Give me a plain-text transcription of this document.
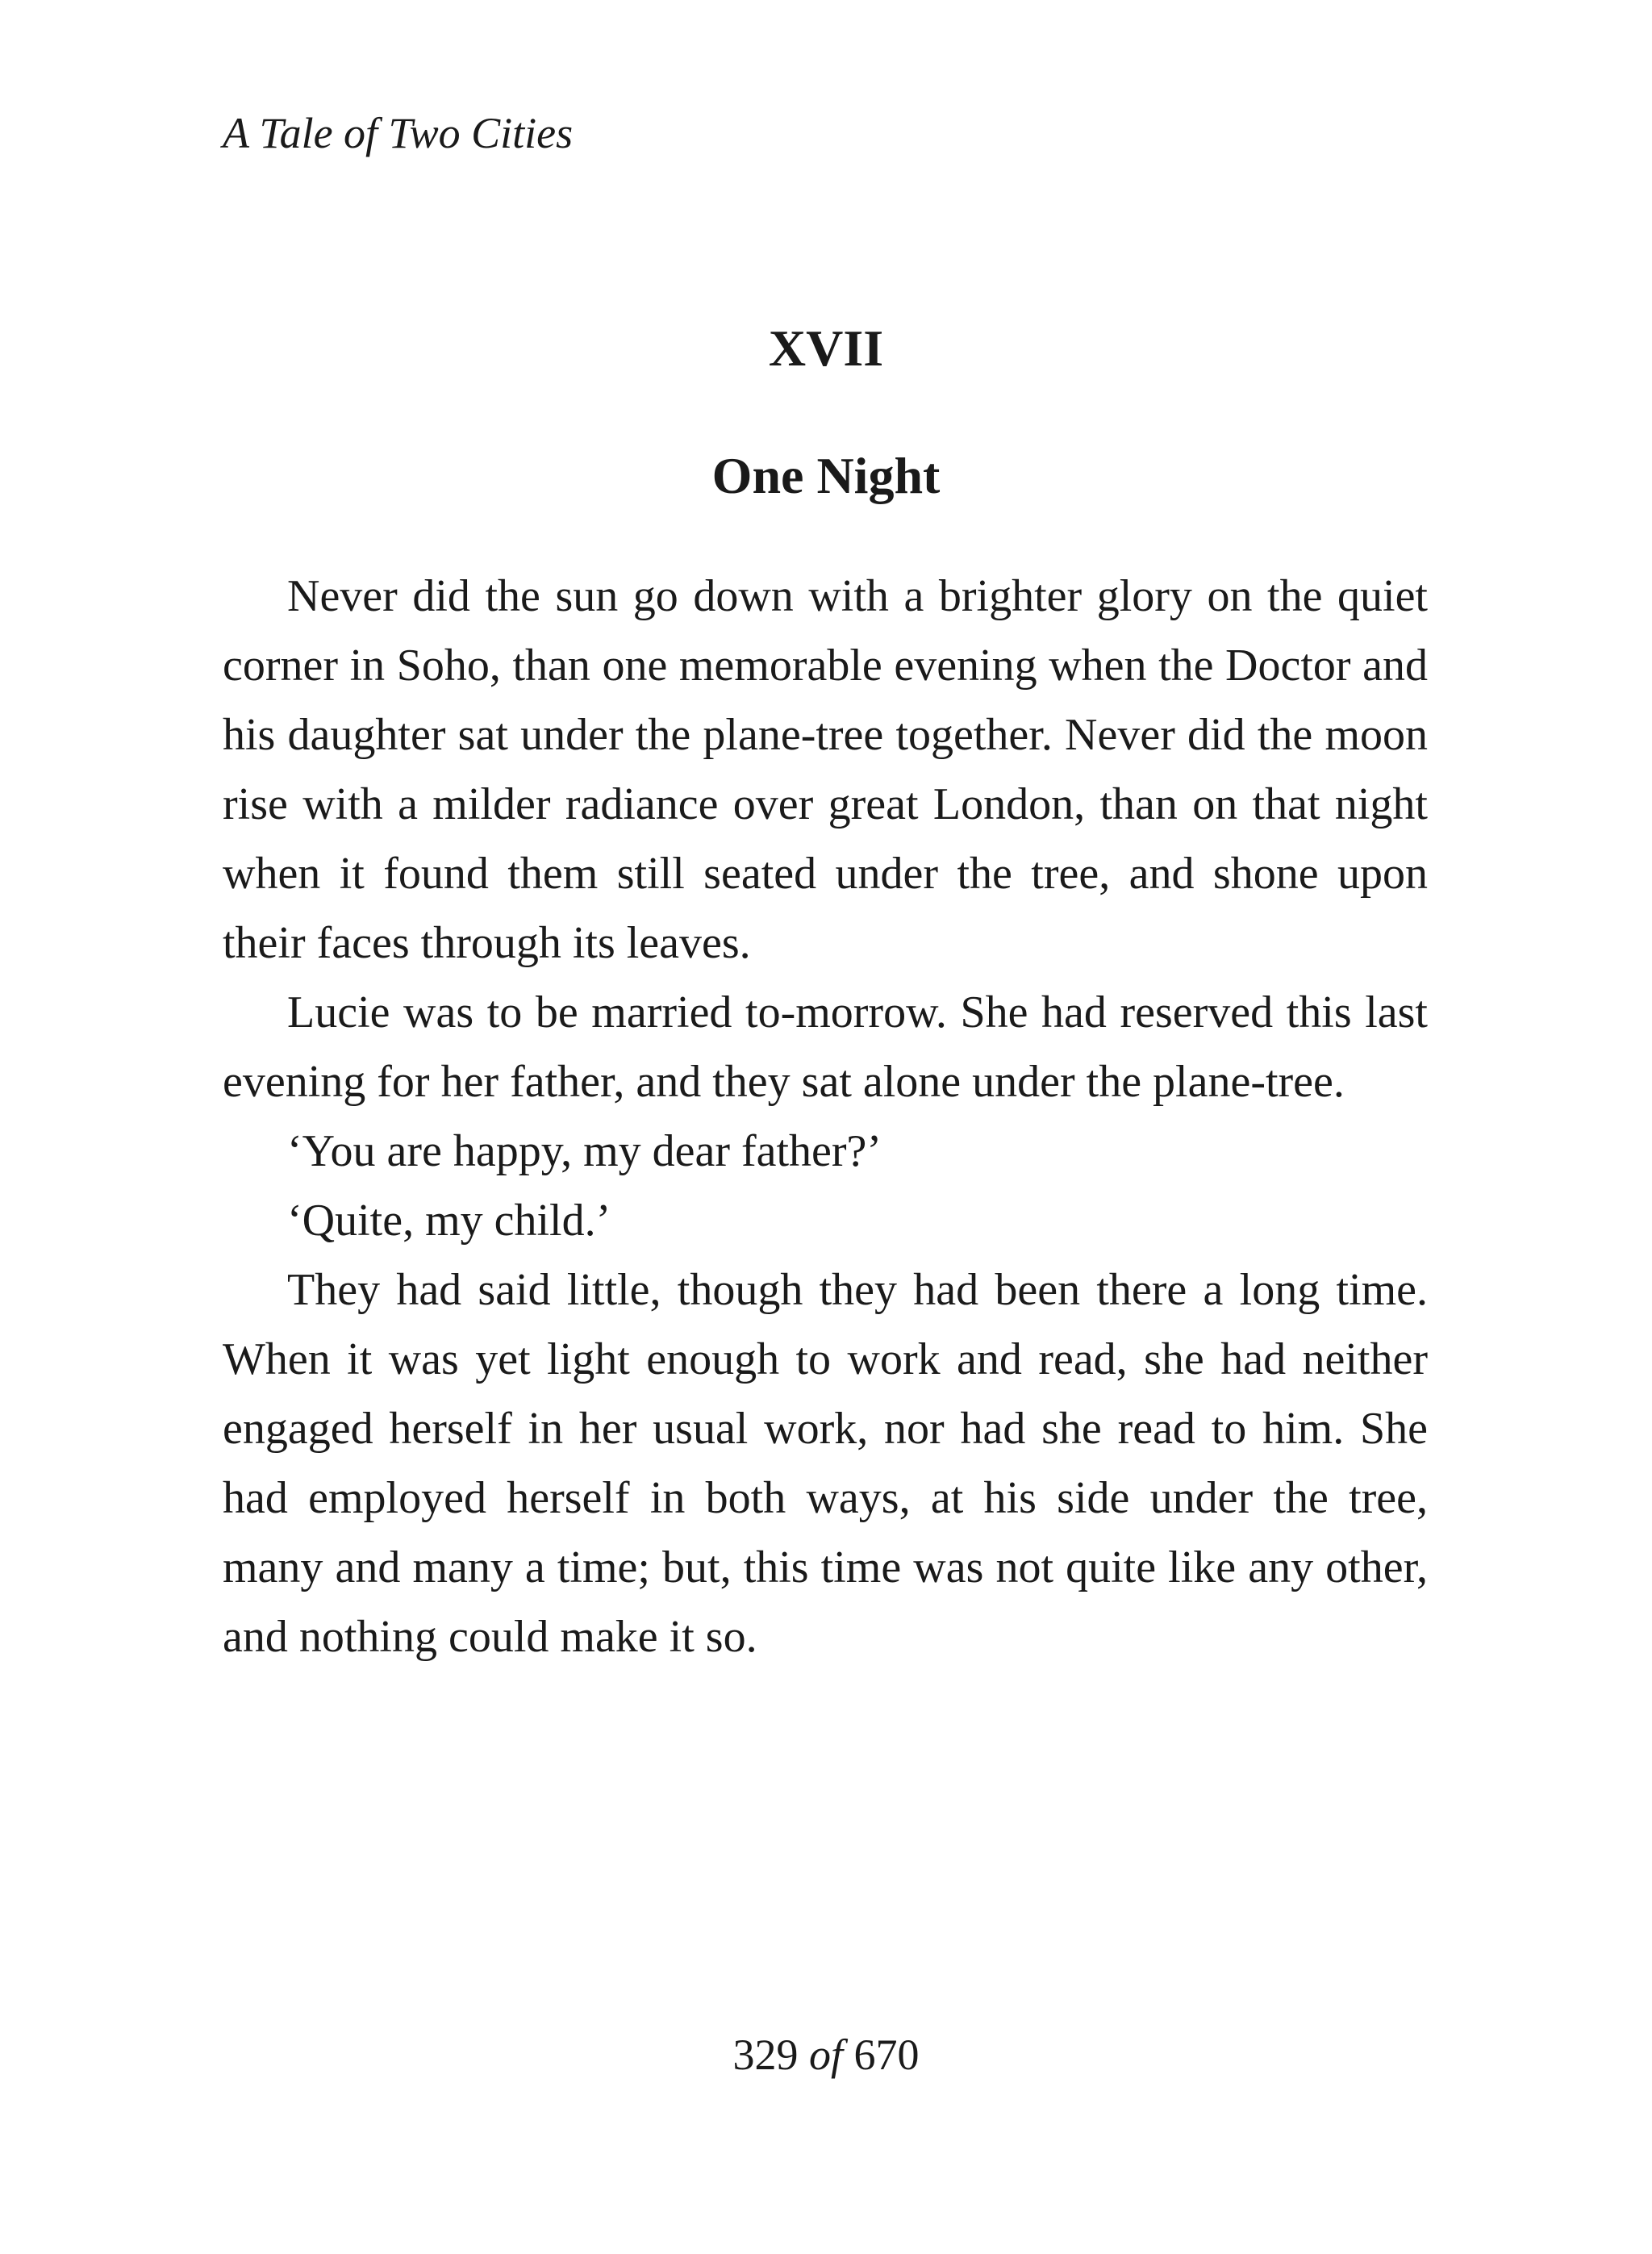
A Tale of Two Cities
XVII
One Night

Never did the sun go down with a brighter glory on the quiet corner in Soho, than one memorable evening when the Doctor and his daughter sat under the plane-tree together. Never did the moon rise with a milder radiance over great London, than on that night when it found them still seated under the tree, and shone upon their faces through its leaves.

Lucie was to be married to-morrow. She had reserved this last evening for her father, and they sat alone under the plane-tree.

‘You are happy, my dear father?’

‘Quite, my child.’

They had said little, though they had been there a long time. When it was yet light enough to work and read, she had neither engaged herself in her usual work, nor had she read to him. She had employed herself in both ways, at his side under the tree, many and many a time; but, this time was not quite like any other, and nothing could make it so.

329 of 670
